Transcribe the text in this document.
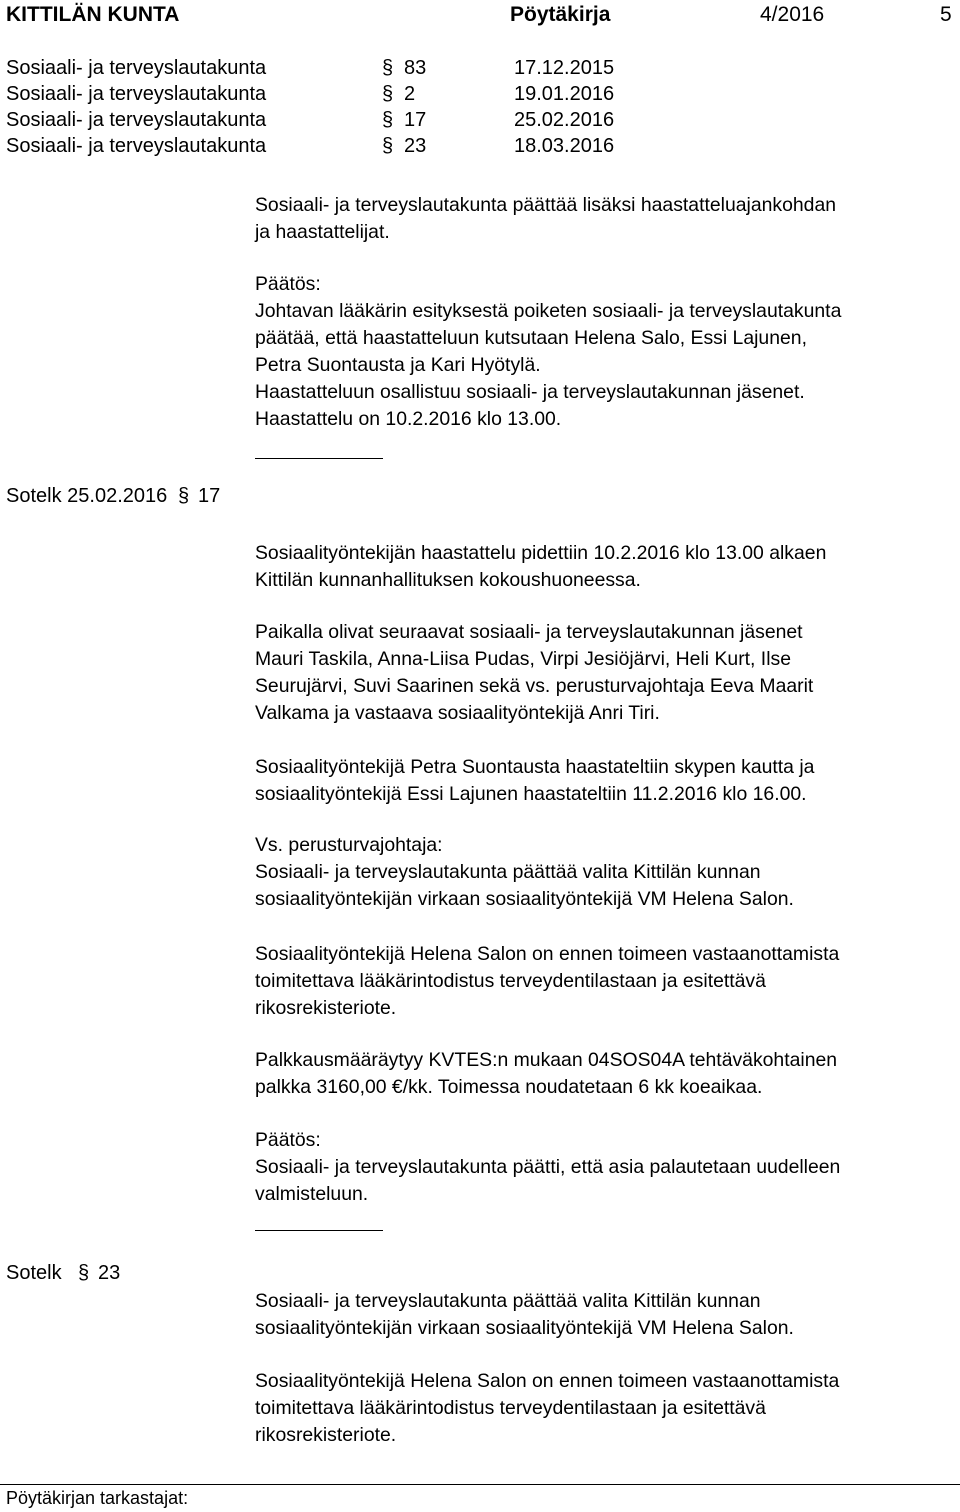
KITTILÄN KUNTA	Pöytäkirja	4/2016	5
Sosiaali- ja terveyslautakunta	§ 83	17.12.2015
Sosiaali- ja terveyslautakunta	§ 2	19.01.2016
Sosiaali- ja terveyslautakunta	§ 17	25.02.2016
Sosiaali- ja terveyslautakunta	§ 23	18.03.2016
Sosiaali- ja terveyslautakunta päättää lisäksi haastatteluajankohdan
ja haastattelijat.
Päätös:
Johtavan lääkärin esityksestä poiketen sosiaali- ja terveyslautakunta
päätää, että haastatteluun kutsutaan Helena Salo, Essi Lajunen,
Petra Suontausta ja Kari Hyötylä.
Haastatteluun osallistuu sosiaali- ja terveyslautakunnan jäsenet.
Haastattelu on 10.2.2016 klo 13.00.
Sotelk 25.02.2016 § 17
Sosiaalityöntekijän haastattelu pidettiin 10.2.2016 klo 13.00 alkaen
Kittilän kunnanhallituksen kokoushuoneessa.
Paikalla olivat seuraavat sosiaali- ja terveyslautakunnan jäsenet
Mauri Taskila, Anna-Liisa Pudas, Virpi Jesiöjärvi, Heli Kurt, Ilse
Seurujärvi, Suvi Saarinen sekä vs. perusturvajohtaja Eeva Maarit
Valkama ja vastaava sosiaalityöntekijä Anri Tiri.
Sosiaalityöntekijä Petra Suontausta haastateltiin skypen kautta ja
sosiaalityöntekijä Essi Lajunen haastateltiin 11.2.2016 klo 16.00.
Vs. perusturvajohtaja:
Sosiaali- ja terveyslautakunta päättää valita Kittilän kunnan
sosiaalityöntekijän virkaan sosiaalityöntekijä VM Helena Salon.
Sosiaalityöntekijä Helena Salon on ennen toimeen vastaanottamista
toimitettava lääkärintodistus terveydentilastaan ja esitettävä
rikosrekisteriote.
Palkkausmääräytyy KVTES:n mukaan 04SOS04A tehtäväkohtainen
palkka 3160,00 €/kk. Toimessa noudatetaan 6 kk koeaikaa.
Päätös:
Sosiaali- ja terveyslautakunta päätti, että asia palautetaan uudelleen
valmisteluun.
Sotelk § 23
Sosiaali- ja terveyslautakunta päättää valita Kittilän kunnan
sosiaalityöntekijän virkaan sosiaalityöntekijä VM Helena Salon.
Sosiaalityöntekijä Helena Salon on ennen toimeen vastaanottamista
toimitettava lääkärintodistus terveydentilastaan ja esitettävä
rikosrekisteriote.
Pöytäkirjan tarkastajat:
